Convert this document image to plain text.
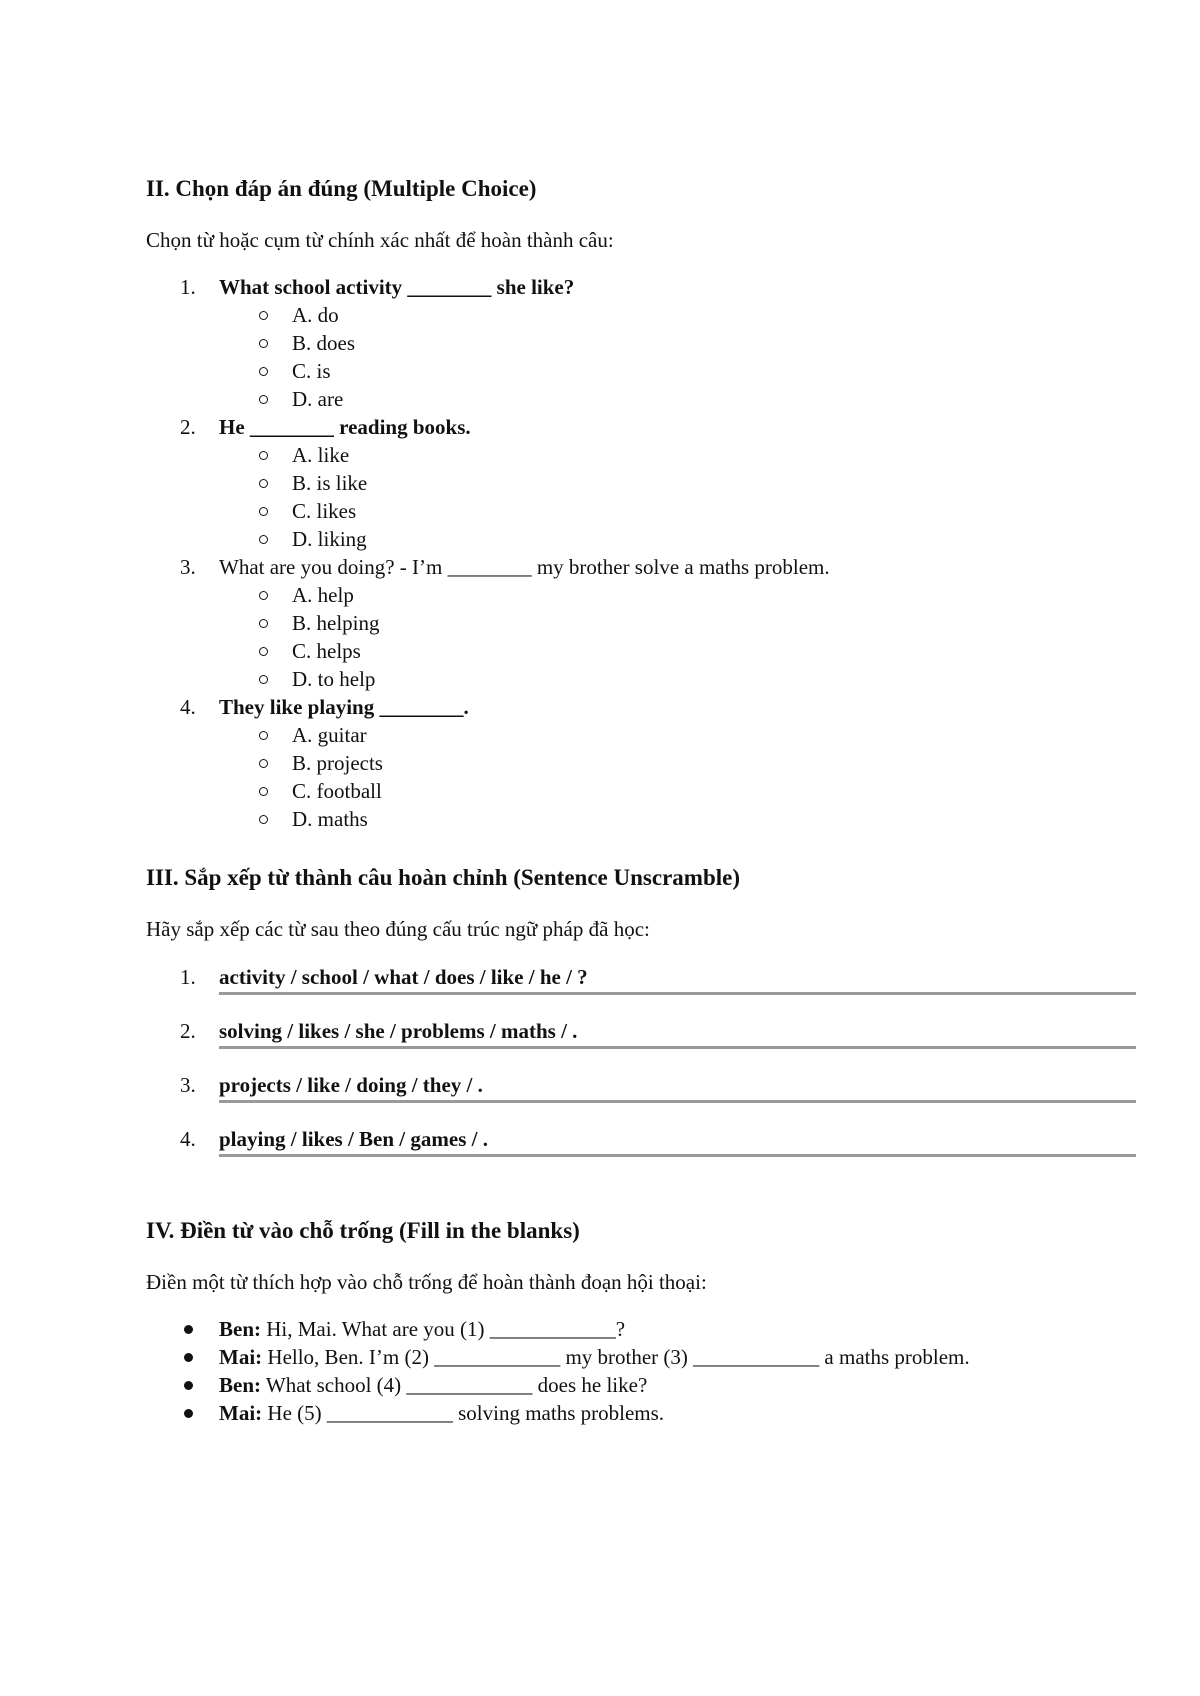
II. Chọn đáp án đúng (Multiple Choice)
Chọn từ hoặc cụm từ chính xác nhất để hoàn thành câu:
1. What school activity ________ she like?
A. do
B. does
C. is
D. are
2. He ________ reading books.
A. like
B. is like
C. likes
D. liking
3. What are you doing? - I’m ________ my brother solve a maths problem.
A. help
B. helping
C. helps
D. to help
4. They like playing ________.
A. guitar
B. projects
C. football
D. maths
III. Sắp xếp từ thành câu hoàn chỉnh (Sentence Unscramble)
Hãy sắp xếp các từ sau theo đúng cấu trúc ngữ pháp đã học:
1. activity / school / what / does / like / he / ?
2. solving / likes / she / problems / maths / .
3. projects / like / doing / they / .
4. playing / likes / Ben / games / .
IV. Điền từ vào chỗ trống (Fill in the blanks)
Điền một từ thích hợp vào chỗ trống để hoàn thành đoạn hội thoại:
Ben: Hi, Mai. What are you (1) ____________?
Mai: Hello, Ben. I’m (2) ____________ my brother (3) ____________ a maths problem.
Ben: What school (4) ____________ does he like?
Mai: He (5) ____________ solving maths problems.
